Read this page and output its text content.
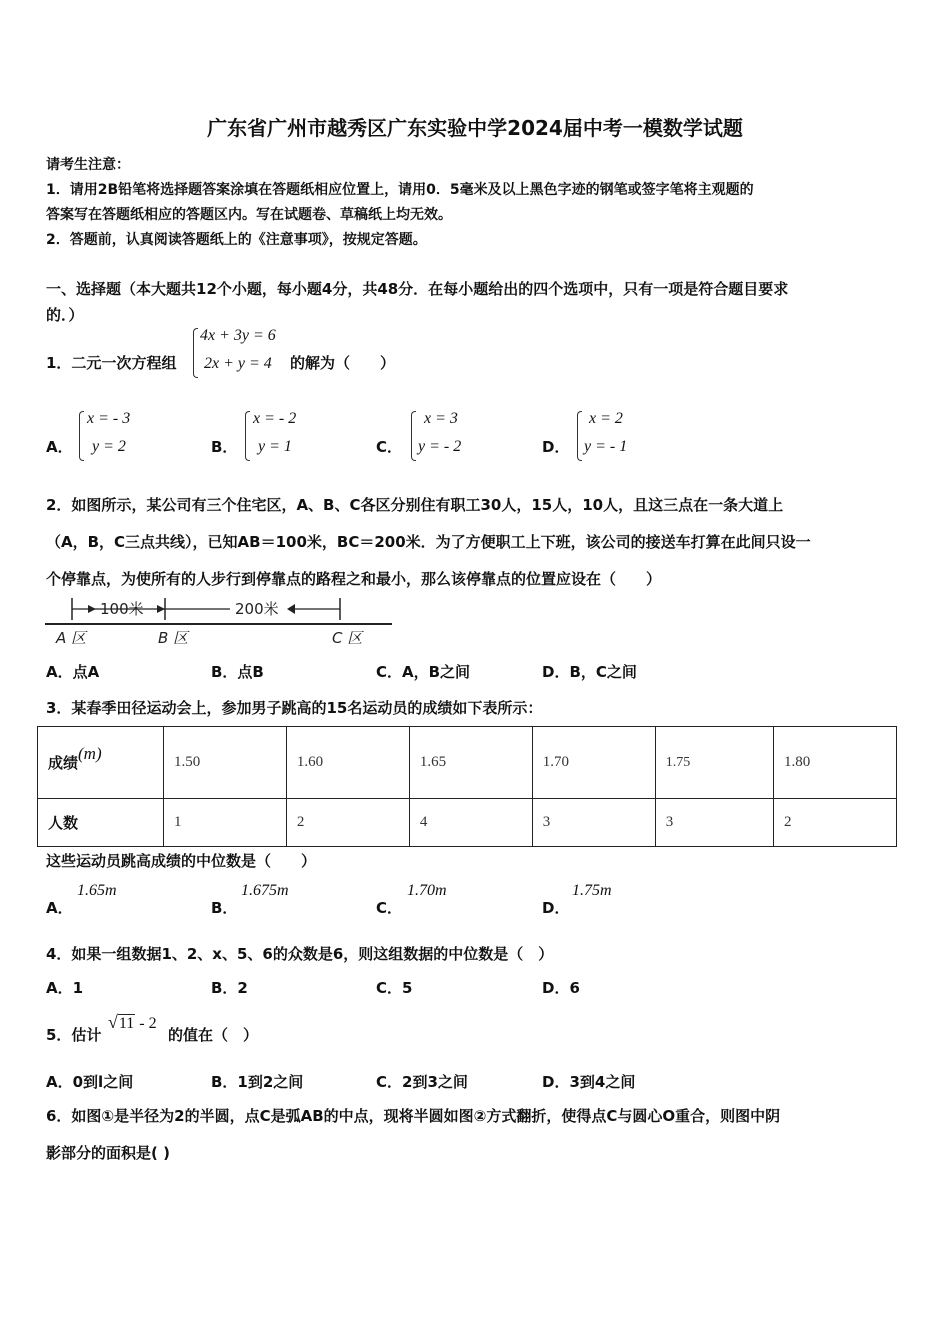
广东省广州市越秀区广东实验中学2024届中考一模数学试题
请考生注意：
1．请用2B铅笔将选择题答案涂填在答题纸相应位置上，请用0．5毫米及以上黑色字迹的钢笔或签字笔将主观题的
答案写在答题纸相应的答题区内。写在试题卷、草稿纸上均无效。
2．答题前，认真阅读答题纸上的《注意事项》，按规定答题。
一、选择题（本大题共12个小题，每小题4分，共48分．在每小题给出的四个选项中，只有一项是符合题目要求
的．）
1．二元一次方程组
4x + 3y = 6
2x + y = 4 的解为（　　）
A．
x = - 3
y = 2	B．
x = - 2
y = 1	C．
x = 3
y = - 2	D．
x = 2
y = - 1
2．如图所示，某公司有三个住宅区，A、B、C各区分别住有职工30人，15人，10人，且这三点在一条大道上
（A，B，C三点共线），已知AB＝100米，BC＝200米．为了方便职工上下班，该公司的接送车打算在此间只设一
个停靠点，为使所有的人步行到停靠点的路程之和最小，那么该停靠点的位置应设在（　　）
100米	200米
A 区	B 区	C 区
A．点A	B．点B	C．A，B之间	D．B，C之间
3．某春季田径运动会上，参加男子跳高的15名运动员的成绩如下表所示：
成绩(m)	1.50	1.60	1.65	1.70	1.75	1.80
人数	1	2	4	3	3	2
这些运动员跳高成绩的中位数是（　　）
A．
1.65m
B．
1.675m
C．
1.70m
D．
1.75m
4．如果一组数据1、2、x、5、6的众数是6，则这组数据的中位数是（　）
A．1	B．2	C．5	D．6
5．估计
√11 - 2
的值在（　）
A．0到l之间	B．1到2之间	C．2到3之间	D．3到4之间
6．如图①是半径为2的半圆，点C是弧AB的中点，现将半圆如图②方式翻折，使得点C与圆心O重合，则图中阴
影部分的面积是( )
